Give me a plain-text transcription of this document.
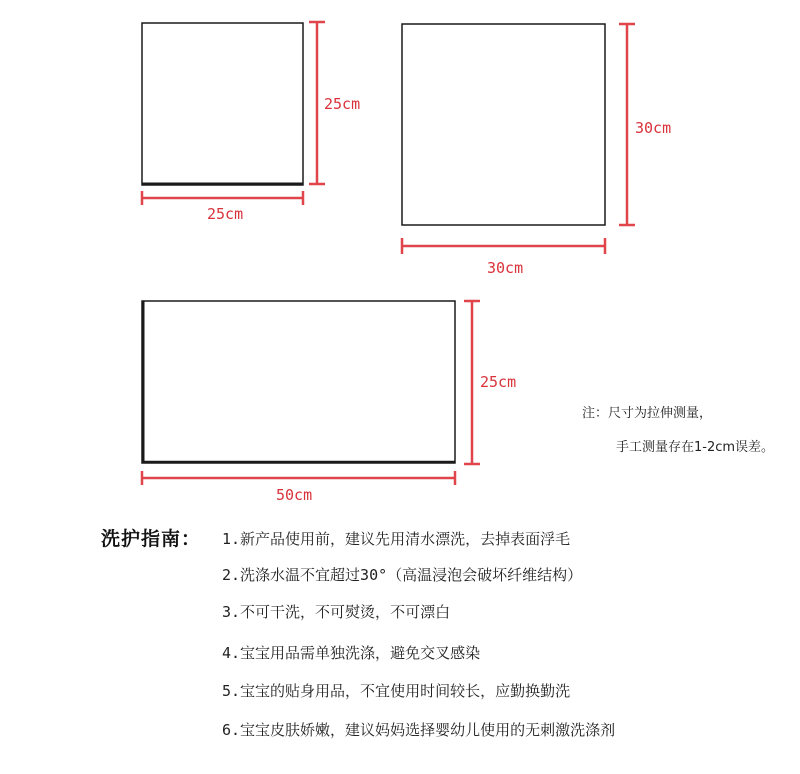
25cm
25cm
30cm
30cm
25cm
50cm
注：尺寸为拉伸测量，
手工测量存在1-2cm误差。
洗护指南： 1.新产品使用前，建议先用清水漂洗，去掉表面浮毛
2.洗涤水温不宜超过30°（高温浸泡会破坏纤维结构）
3.不可干洗，不可熨烫，不可漂白
4.宝宝用品需单独洗涤，避免交叉感染
5.宝宝的贴身用品，不宜使用时间较长，应勤换勤洗
6.宝宝皮肤娇嫩，建议妈妈选择婴幼儿使用的无刺激洗涤剂
